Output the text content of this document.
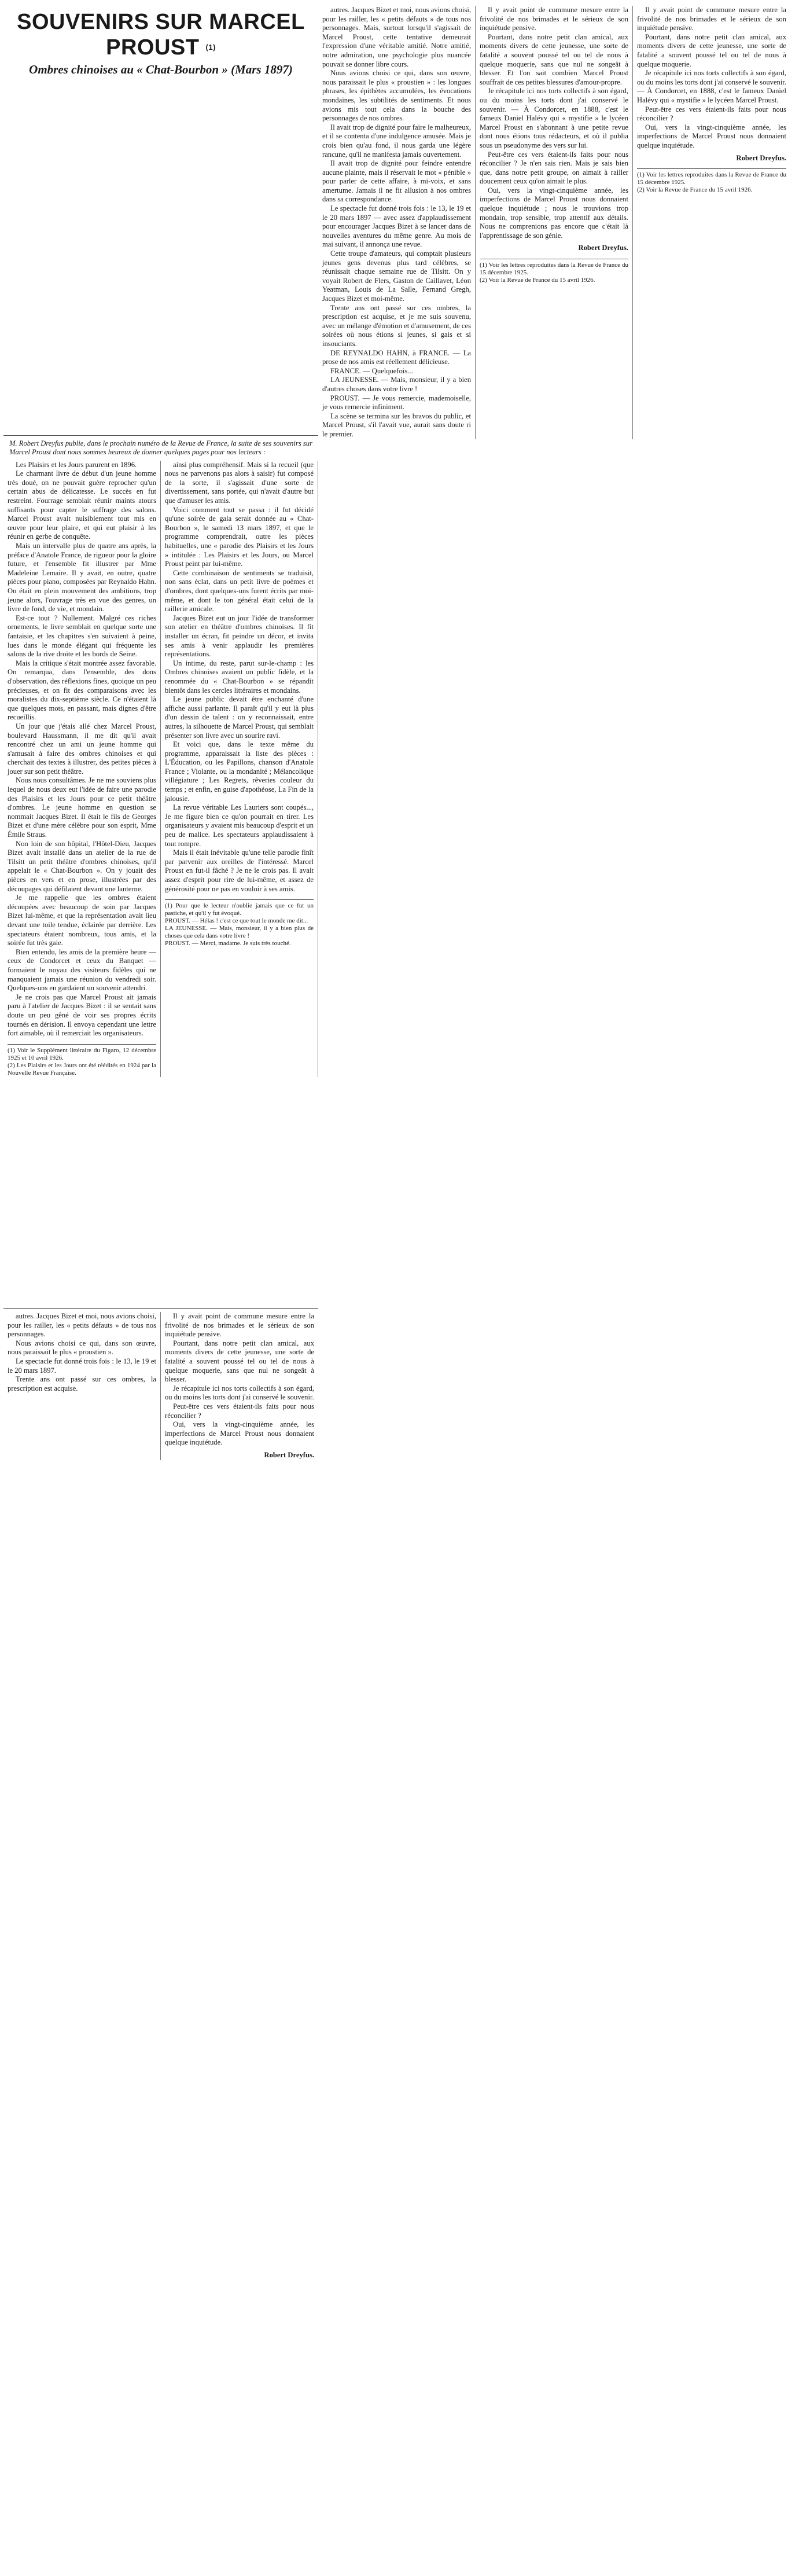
SOUVENIRS SUR MARCEL PROUST $^{(1)}$
Ombres chinoises au « Chat-Bourbon » (Mars 1897)

autres. Jacques Bizet et moi, nous avions choisi, pour les railler, les « petits défauts » de tous nos personnages. Mais, surtout lorsqu'il s'agissait de Marcel Proust, cette tentative demeurait l'expression d'une véritable amitié. Notre amitié, notre admiration, une psychologie plus nuancée pouvait se donner libre cours.

Nous avions choisi ce qui, dans son œuvre, nous paraissait le plus « proustien » : les longues phrases, les épithètes accumulées, les évocations mondaines, les subtilités de sentiments. Et nous avions mis tout cela dans la bouche des personnages de nos ombres.

Il avait trop de dignité pour faire le malheureux, et il se contenta d'une indulgence amusée. Mais je crois bien qu'au fond, il nous garda une légère rancune, qu'il ne manifesta jamais ouvertement.

Il avait trop de dignité pour feindre entendre aucune plainte, mais il réservait le mot « pénible » pour parler de cette affaire, à mi-voix, et sans amertume. Jamais il ne fit allusion à nos ombres dans sa correspondance.

Le spectacle fut donné trois fois : le 13, le 19 et le 20 mars 1897 — avec assez d'applaudissement pour encourager Jacques Bizet à se lancer dans de nouvelles aventures du même genre. Au mois de mai suivant, il annonça une revue.

Cette troupe d'amateurs, qui comptait plusieurs jeunes gens devenus plus tard célèbres, se réunissait chaque semaine rue de Tilsitt. On y voyait Robert de Flers, Gaston de Caillavet, Léon Yeatman, Louis de La Salle, Fernand Gregh, Jacques Bizet et moi-même.

Trente ans ont passé sur ces ombres, la prescription est acquise, et je me suis souvenu, avec un mélange d'émotion et d'amusement, de ces soirées où nous étions si jeunes, si gais et si insouciants.

DE REYNALDO HAHN, à FRANCE. — La prose de nos amis est réellement délicieuse.

FRANCE. — Quelquefois...

LA JEUNESSE. — Mais, monsieur, il y a bien d'autres choses dans votre livre !

PROUST. — Je vous remercie, mademoiselle, je vous remercie infiniment.

La scène se termina sur les bravos du public, et Marcel Proust, s'il l'avait vue, aurait sans doute ri le premier.

Il y avait point de commune mesure entre la frivolité de nos brimades et le sérieux de son inquiétude pensive.

Pourtant, dans notre petit clan amical, aux moments divers de cette jeunesse, une sorte de fatalité a souvent poussé tel ou tel de nous à quelque moquerie, sans que nul ne songeât à blesser. Et l'on sait combien Marcel Proust souffrait de ces petites blessures d'amour-propre.

Je récapitule ici nos torts collectifs à son égard, ou du moins les torts dont j'ai conservé le souvenir. — À Condorcet, en 1888, c'est le fameux Daniel Halévy qui « mystifie » le lycéen Marcel Proust en s'abonnant à une petite revue dont nous étions tous rédacteurs, et où il publia sous un pseudonyme des vers sur lui.

Peut-être ces vers étaient-ils faits pour nous réconcilier ? Je n'en sais rien. Mais je sais bien que, dans notre petit groupe, on aimait à railler doucement ceux qu'on aimait le plus.

Oui, vers la vingt-cinquième année, les imperfections de Marcel Proust nous donnaient quelque inquiétude ; nous le trouvions trop mondain, trop sensible, trop attentif aux détails. Nous ne comprenions pas encore que c'était là l'apprentissage de son génie.

Robert Dreyfus.

(1) Voir les lettres reproduites dans la Revue de France du 15 décembre 1925.

(2) Voir la Revue de France du 15 avril 1926.

Il y avait point de commune mesure entre la frivolité de nos brimades et le sérieux de son inquiétude pensive.

Pourtant, dans notre petit clan amical, aux moments divers de cette jeunesse, une sorte de fatalité a souvent poussé tel ou tel de nous à quelque moquerie.

Je récapitule ici nos torts collectifs à son égard, ou du moins les torts dont j'ai conservé le souvenir. — À Condorcet, en 1888, c'est le fameux Daniel Halévy qui « mystifie » le lycéen Marcel Proust.

Peut-être ces vers étaient-ils faits pour nous réconcilier ?

Oui, vers la vingt-cinquième année, les imperfections de Marcel Proust nous donnaient quelque inquiétude.

Robert Dreyfus.

(1) Voir les lettres reproduites dans la Revue de France du 15 décembre 1925.

(2) Voir la Revue de France du 15 avril 1926.

M. Robert Dreyfus publie, dans le prochain numéro de la Revue de France, la suite de ses souvenirs sur Marcel Proust dont nous sommes heureux de donner quelques pages pour nos lecteurs :

Les Plaisirs et les Jours parurent en 1896.

Le charmant livre de début d'un jeune homme très doué, on ne pouvait guère reprocher qu'un certain abus de délicatesse. Le succès en fut restreint. Fourrage semblait réunir maints atours suffisants pour capter le suffrage des salons. Marcel Proust avait nuisiblement tout mis en œuvre pour leur plaire, et qui eut plaisir à les réunir en gerbe de conquête.

Mais un intervalle plus de quatre ans après, la préface d'Anatole France, de rigueur pour la gloire future, et l'ensemble fit illustrer par Mme Madeleine Lemaire. Il y avait, en outre, quatre pièces pour piano, composées par Reynaldo Hahn. On était en plein mouvement des ambitions, trop jeune alors, l'ouvrage très en vue des genres, un livre de fond, de vie, et mondain.

Est-ce tout ? Nullement. Malgré ces riches ornements, le livre semblait en quelque sorte une fantaisie, et les chapitres s'en suivaient à peine, lues dans le monde élégant qui fréquente les salons de la rive droite et les bords de Seine.

Mais la critique s'était montrée assez favorable. On remarqua, dans l'ensemble, des dons d'observation, des réflexions fines, quoique un peu précieuses, et on fit des comparaisons avec les moralistes du dix-septième siècle. Ce n'étaient là que quelques mots, en passant, mais dignes d'être recueillis.

Un jour que j'étais allé chez Marcel Proust, boulevard Haussmann, il me dit qu'il avait rencontré chez un ami un jeune homme qui s'amusait à faire des ombres chinoises et qui cherchait des textes à illustrer, des petites pièces à jouer sur son petit théâtre.

Nous nous consultâmes. Je ne me souviens plus lequel de nous deux eut l'idée de faire une parodie des Plaisirs et les Jours pour ce petit théâtre d'ombres. Le jeune homme en question se nommait Jacques Bizet. Il était le fils de Georges Bizet et d'une mère célèbre pour son esprit, Mme Émile Straus.

Non loin de son hôpital, l'Hôtel-Dieu, Jacques Bizet avait installé dans un atelier de la rue de Tilsitt un petit théâtre d'ombres chinoises, qu'il appelait le « Chat-Bourbon ». On y jouait des pièces en vers et en prose, illustrées par des découpages qui défilaient devant une lanterne.

Je me rappelle que les ombres étaient découpées avec beaucoup de soin par Jacques Bizet lui-même, et que la représentation avait lieu devant une toile tendue, éclairée par derrière. Les spectateurs étaient nombreux, tous amis, et la soirée fut très gaie.

Bien entendu, les amis de la première heure — ceux de Condorcet et ceux du Banquet — formaient le noyau des visiteurs fidèles qui ne manquaient jamais une réunion du vendredi soir. Quelques-uns en gardaient un souvenir attendri.

Je ne crois pas que Marcel Proust ait jamais paru à l'atelier de Jacques Bizet : il se sentait sans doute un peu gêné de voir ses propres écrits tournés en dérision. Il envoya cependant une lettre fort aimable, où il remerciait les organisateurs.

(1) Voir le Supplément littéraire du Figaro, 12 décembre 1925 et 10 avril 1926.

(2) Les Plaisirs et les Jours ont été réédités en 1924 par la Nouvelle Revue Française.

ainsi plus compréhensif. Mais si la recueil (que nous ne parvenons pas alors à saisir) fut composé de la sorte, il s'agissait d'une sorte de divertissement, sans portée, qui n'avait d'autre but que d'amuser les amis.

Voici comment tout se passa : il fut décidé qu'une soirée de gala serait donnée au « Chat-Bourbon », le samedi 13 mars 1897, et que le programme comprendrait, outre les pièces habituelles, une « parodie des Plaisirs et les Jours » intitulée : Les Plaisirs et les Jours, ou Marcel Proust peint par lui-même.

Cette combinaison de sentiments se traduisit, non sans éclat, dans un petit livre de poèmes et d'ombres, dont quelques-uns furent écrits par moi-même, et dont le ton général était celui de la raillerie amicale.

Jacques Bizet eut un jour l'idée de transformer son atelier en théâtre d'ombres chinoises. Il fit installer un écran, fit peindre un décor, et invita ses amis à venir applaudir les premières représentations.

Un intime, du reste, parut sur-le-champ : les Ombres chinoises avaient un public fidèle, et la renommée du « Chat-Bourbon » se répandit bientôt dans les cercles littéraires et mondains.

Le jeune public devait être enchanté d'une affiche aussi parlante. Il paraît qu'il y eut là plus d'un dessin de talent : on y reconnaissait, entre autres, la silhouette de Marcel Proust, qui semblait présenter son livre avec un sourire ravi.

Et voici que, dans le texte même du programme, apparaissait la liste des pièces : L'Éducation, ou les Papillons, chanson d'Anatole France ; Violante, ou la mondanité ; Mélancolique villégiature ; Les Regrets, rêveries couleur du temps ; et enfin, en guise d'apothéose, La Fin de la jalousie.

La revue véritable Les Lauriers sont coupés..., Je me figure bien ce qu'on pourrait en tirer. Les organisateurs y avaient mis beaucoup d'esprit et un peu de malice. Les spectateurs applaudissaient à tout rompre.

Mais il était inévitable qu'une telle parodie finît par parvenir aux oreilles de l'intéressé. Marcel Proust en fut-il fâché ? Je ne le crois pas. Il avait assez d'esprit pour rire de lui-même, et assez de générosité pour ne pas en vouloir à ses amis.

(1) Pour que le lecteur n'oublie jamais que ce fut un pastiche, et qu'il y fut évoqué.

PROUST. — Hélas ! c'est ce que tout le monde me dit...

LA JEUNESSE. — Mais, monsieur, il y a bien plus de choses que cela dans votre livre !

PROUST. — Merci, madame. Je suis très touché.

autres. Jacques Bizet et moi, nous avions choisi, pour les railler, les « petits défauts » de tous nos personnages.

Nous avions choisi ce qui, dans son œuvre, nous paraissait le plus « proustien ».

Le spectacle fut donné trois fois : le 13, le 19 et le 20 mars 1897.

Trente ans ont passé sur ces ombres, la prescription est acquise.

Il y avait point de commune mesure entre la frivolité de nos brimades et le sérieux de son inquiétude pensive.

Pourtant, dans notre petit clan amical, aux moments divers de cette jeunesse, une sorte de fatalité a souvent poussé tel ou tel de nous à quelque moquerie, sans que nul ne songeât à blesser.

Je récapitule ici nos torts collectifs à son égard, ou du moins les torts dont j'ai conservé le souvenir.

Peut-être ces vers étaient-ils faits pour nous réconcilier ?

Oui, vers la vingt-cinquième année, les imperfections de Marcel Proust nous donnaient quelque inquiétude.

Robert Dreyfus.
